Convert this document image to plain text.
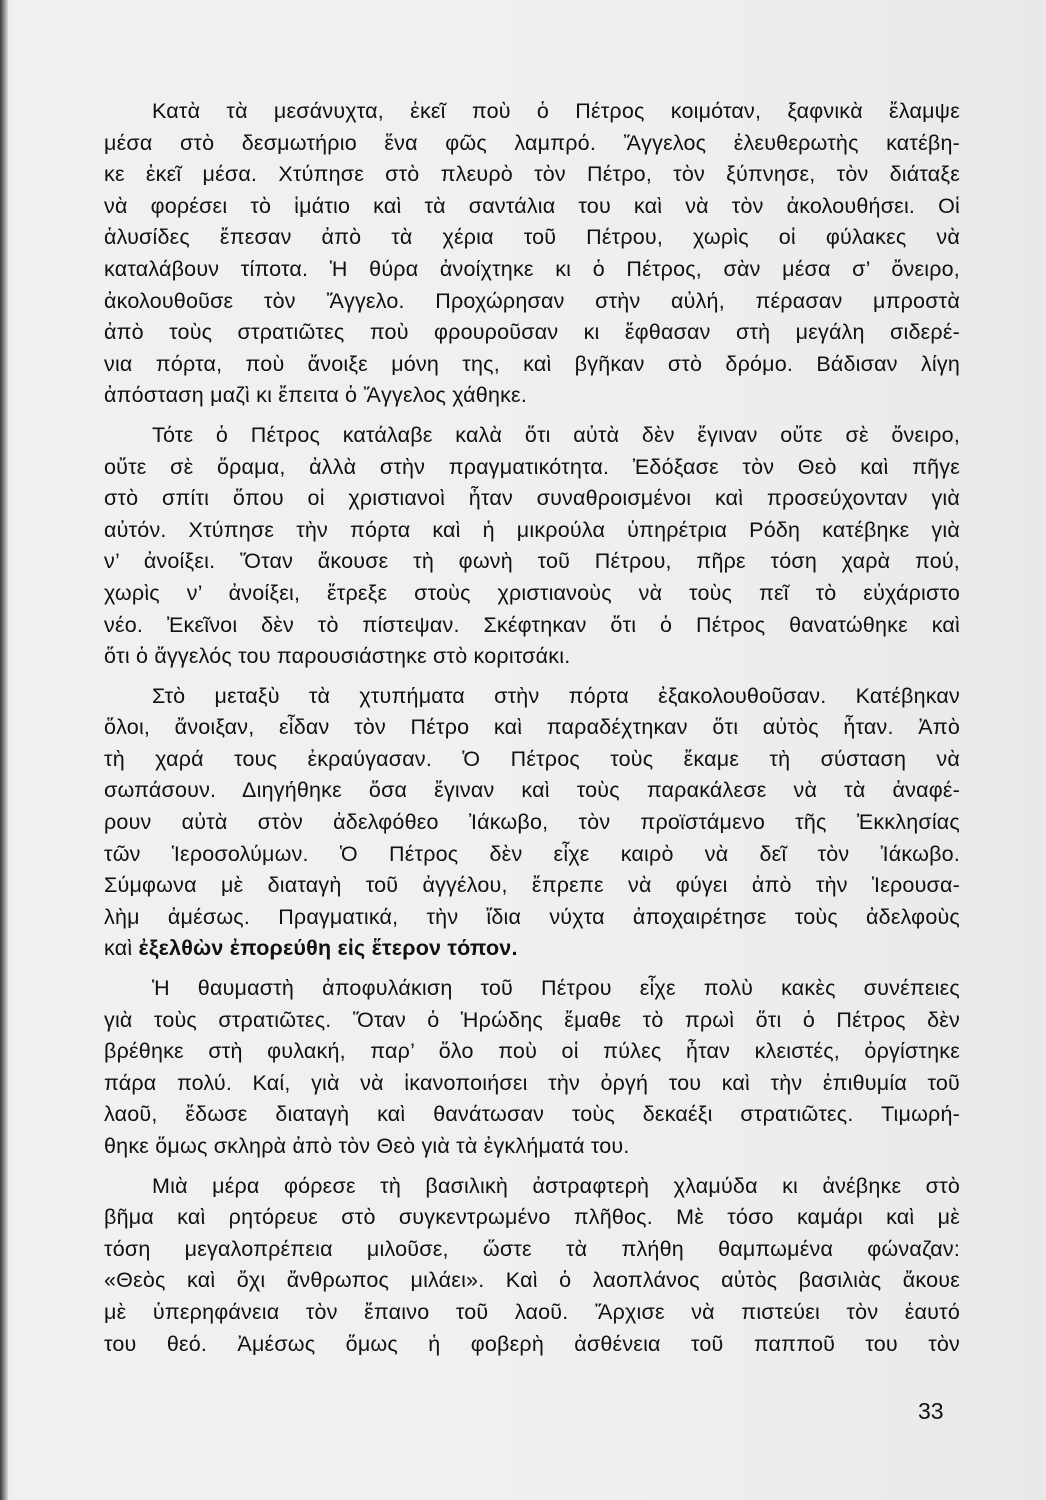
Κατὰ τὰ μεσάνυχτα, ἐκεῖ ποὺ ὁ Πέτρος κοιμόταν, ξαφνικὰ ἔλαμψε
μέσα στὸ δεσμωτήριο ἕνα φῶς λαμπρό. Ἄγγελος ἐλευθερωτὴς κατέβη-
κε ἐκεῖ μέσα. Χτύπησε στὸ πλευρὸ τὸν Πέτρο, τὸν ξύπνησε, τὸν διάταξε
νὰ φορέσει τὸ ἱμάτιο καὶ τὰ σαντάλια του καὶ νὰ τὸν ἀκολουθήσει. Οἱ
ἁλυσίδες ἔπεσαν ἀπὸ τὰ χέρια τοῦ Πέτρου, χωρὶς οἱ φύλακες νὰ
καταλάβουν τίποτα. Ἡ θύρα ἀνοίχτηκε κι ὁ Πέτρος, σὰν μέσα σ’ ὄνειρο,
ἀκολουθοῦσε τὸν Ἄγγελο. Προχώρησαν στὴν αὐλή, πέρασαν μπροστὰ
ἀπὸ τοὺς στρατιῶτες ποὺ φρουροῦσαν κι ἔφθασαν στὴ μεγάλη σιδερέ-
νια πόρτα, ποὺ ἄνοιξε μόνη της, καὶ βγῆκαν στὸ δρόμο. Βάδισαν λίγη
ἀπόσταση μαζὶ κι ἔπειτα ὁ Ἄγγελος χάθηκε.
Τότε ὁ Πέτρος κατάλαβε καλὰ ὅτι αὐτὰ δὲν ἔγιναν οὔτε σὲ ὄνειρο,
οὔτε σὲ ὅραμα, ἀλλὰ στὴν πραγματικότητα. Ἐδόξασε τὸν Θεὸ καὶ πῆγε
στὸ σπίτι ὅπου οἱ χριστιανοὶ ἦταν συναθροισμένοι καὶ προσεύχονταν γιὰ
αὐτόν. Χτύπησε τὴν πόρτα καὶ ἡ μικρούλα ὑπηρέτρια Ρόδη κατέβηκε γιὰ
ν’ ἀνοίξει. Ὅταν ἄκουσε τὴ φωνὴ τοῦ Πέτρου, πῆρε τόση χαρὰ πού,
χωρὶς ν’ ἀνοίξει, ἔτρεξε στοὺς χριστιανοὺς νὰ τοὺς πεῖ τὸ εὐχάριστο
νέο. Ἐκεῖνοι δὲν τὸ πίστεψαν. Σκέφτηκαν ὅτι ὁ Πέτρος θανατώθηκε καὶ
ὅτι ὁ ἄγγελός του παρουσιάστηκε στὸ κοριτσάκι.
Στὸ μεταξὺ τὰ χτυπήματα στὴν πόρτα ἐξακολουθοῦσαν. Κατέβηκαν
ὅλοι, ἄνοιξαν, εἶδαν τὸν Πέτρο καὶ παραδέχτηκαν ὅτι αὐτὸς ἦταν. Ἀπὸ
τὴ χαρά τους ἐκραύγασαν. Ὁ Πέτρος τοὺς ἔκαμε τὴ σύσταση νὰ
σωπάσουν. Διηγήθηκε ὅσα ἔγιναν καὶ τοὺς παρακάλεσε νὰ τὰ ἀναφέ-
ρουν αὐτὰ στὸν ἀδελφόθεο Ἰάκωβο, τὸν προϊστάμενο τῆς Ἐκκλησίας
τῶν Ἱεροσολύμων. Ὁ Πέτρος δὲν εἶχε καιρὸ νὰ δεῖ τὸν Ἰάκωβο.
Σύμφωνα μὲ διαταγὴ τοῦ ἀγγέλου, ἔπρεπε νὰ φύγει ἀπὸ τὴν Ἱερουσα-
λὴμ ἀμέσως. Πραγματικά, τὴν ἴδια νύχτα ἀποχαιρέτησε τοὺς ἀδελφοὺς
καὶ ἐξελθὼν ἐπορεύθη εἰς ἕτερον τόπον.
Ἡ θαυμαστὴ ἀποφυλάκιση τοῦ Πέτρου εἶχε πολὺ κακὲς συνέπειες
γιὰ τοὺς στρατιῶτες. Ὅταν ὁ Ἡρώδης ἔμαθε τὸ πρωὶ ὅτι ὁ Πέτρος δὲν
βρέθηκε στὴ φυλακή, παρ’ ὅλο ποὺ οἱ πύλες ἦταν κλειστές, ὀργίστηκε
πάρα πολύ. Καί, γιὰ νὰ ἱκανοποιήσει τὴν ὀργή του καὶ τὴν ἐπιθυμία τοῦ
λαοῦ, ἔδωσε διαταγὴ καὶ θανάτωσαν τοὺς δεκαέξι στρατιῶτες. Τιμωρή-
θηκε ὅμως σκληρὰ ἀπὸ τὸν Θεὸ γιὰ τὰ ἐγκλήματά του.
Μιὰ μέρα φόρεσε τὴ βασιλικὴ ἀστραφτερὴ χλαμύδα κι ἀνέβηκε στὸ
βῆμα καὶ ρητόρευε στὸ συγκεντρωμένο πλῆθος. Μὲ τόσο καμάρι καὶ μὲ
τόση μεγαλοπρέπεια μιλοῦσε, ὥστε τὰ πλήθη θαμπωμένα φώναζαν:
«Θεὸς καὶ ὄχι ἄνθρωπος μιλάει». Καὶ ὁ λαοπλάνος αὐτὸς βασιλιὰς ἄκουε
μὲ ὑπερηφάνεια τὸν ἔπαινο τοῦ λαοῦ. Ἄρχισε νὰ πιστεύει τὸν ἑαυτό
του θεό. Ἀμέσως ὅμως ἡ φοβερὴ ἀσθένεια τοῦ παπποῦ του τὸν
33
